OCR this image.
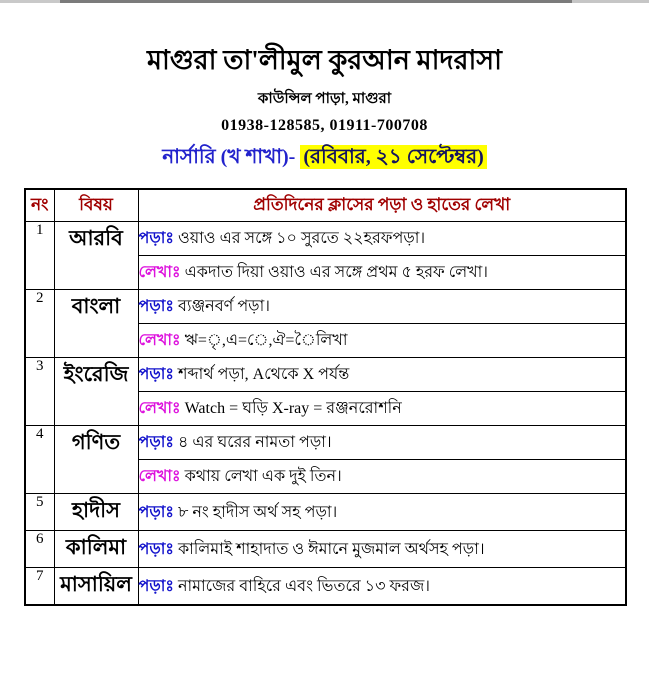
মাগুরা তা'লীমুল কুরআন মাদরাসা
কাউন্সিল পাড়া, মাগুরা
01938-128585, 01911-700708
নার্সারি (খ শাখা)- (রবিবার, ২১ সেপ্টেম্বর)
নং	বিষয়	প্রতিদিনের ক্লাসের পড়া ও হাতের লেখা
1	আরবি	পড়াঃ ওয়াও এর সঙ্গে ১০ সুরতে ২২হরফপড়া।
		লেখাঃ একদাত দিয়া ওয়াও এর সঙ্গে প্রথম ৫ হরফ লেখা।
2	বাংলা	পড়াঃ ব্যঞ্জনবর্ণ পড়া।
		লেখাঃ ঋ=◌ৃ,এ=◌ে,ঐ=◌ৈলিখা
3	ইংরেজি	পড়াঃ শব্দার্থ পড়া, Aথেকে X পর্যন্ত
		লেখাঃ Watch = ঘড়ি X-ray = রঞ্জনরোশনি
4	গণিত	পড়াঃ ৪ এর ঘরের নামতা পড়া।
		লেখাঃ কথায় লেখা এক দুই তিন।
5	হাদীস	পড়াঃ ৮ নং হাদীস অর্থ সহ পড়া।
6	কালিমা	পড়াঃ কালিমাই শাহাদাত ও ঈমানে মুজমাল অর্থসহ পড়া।
7	মাসায়িল	পড়াঃ নামাজের বাহিরে এবং ভিতরে ১৩ ফরজ।
